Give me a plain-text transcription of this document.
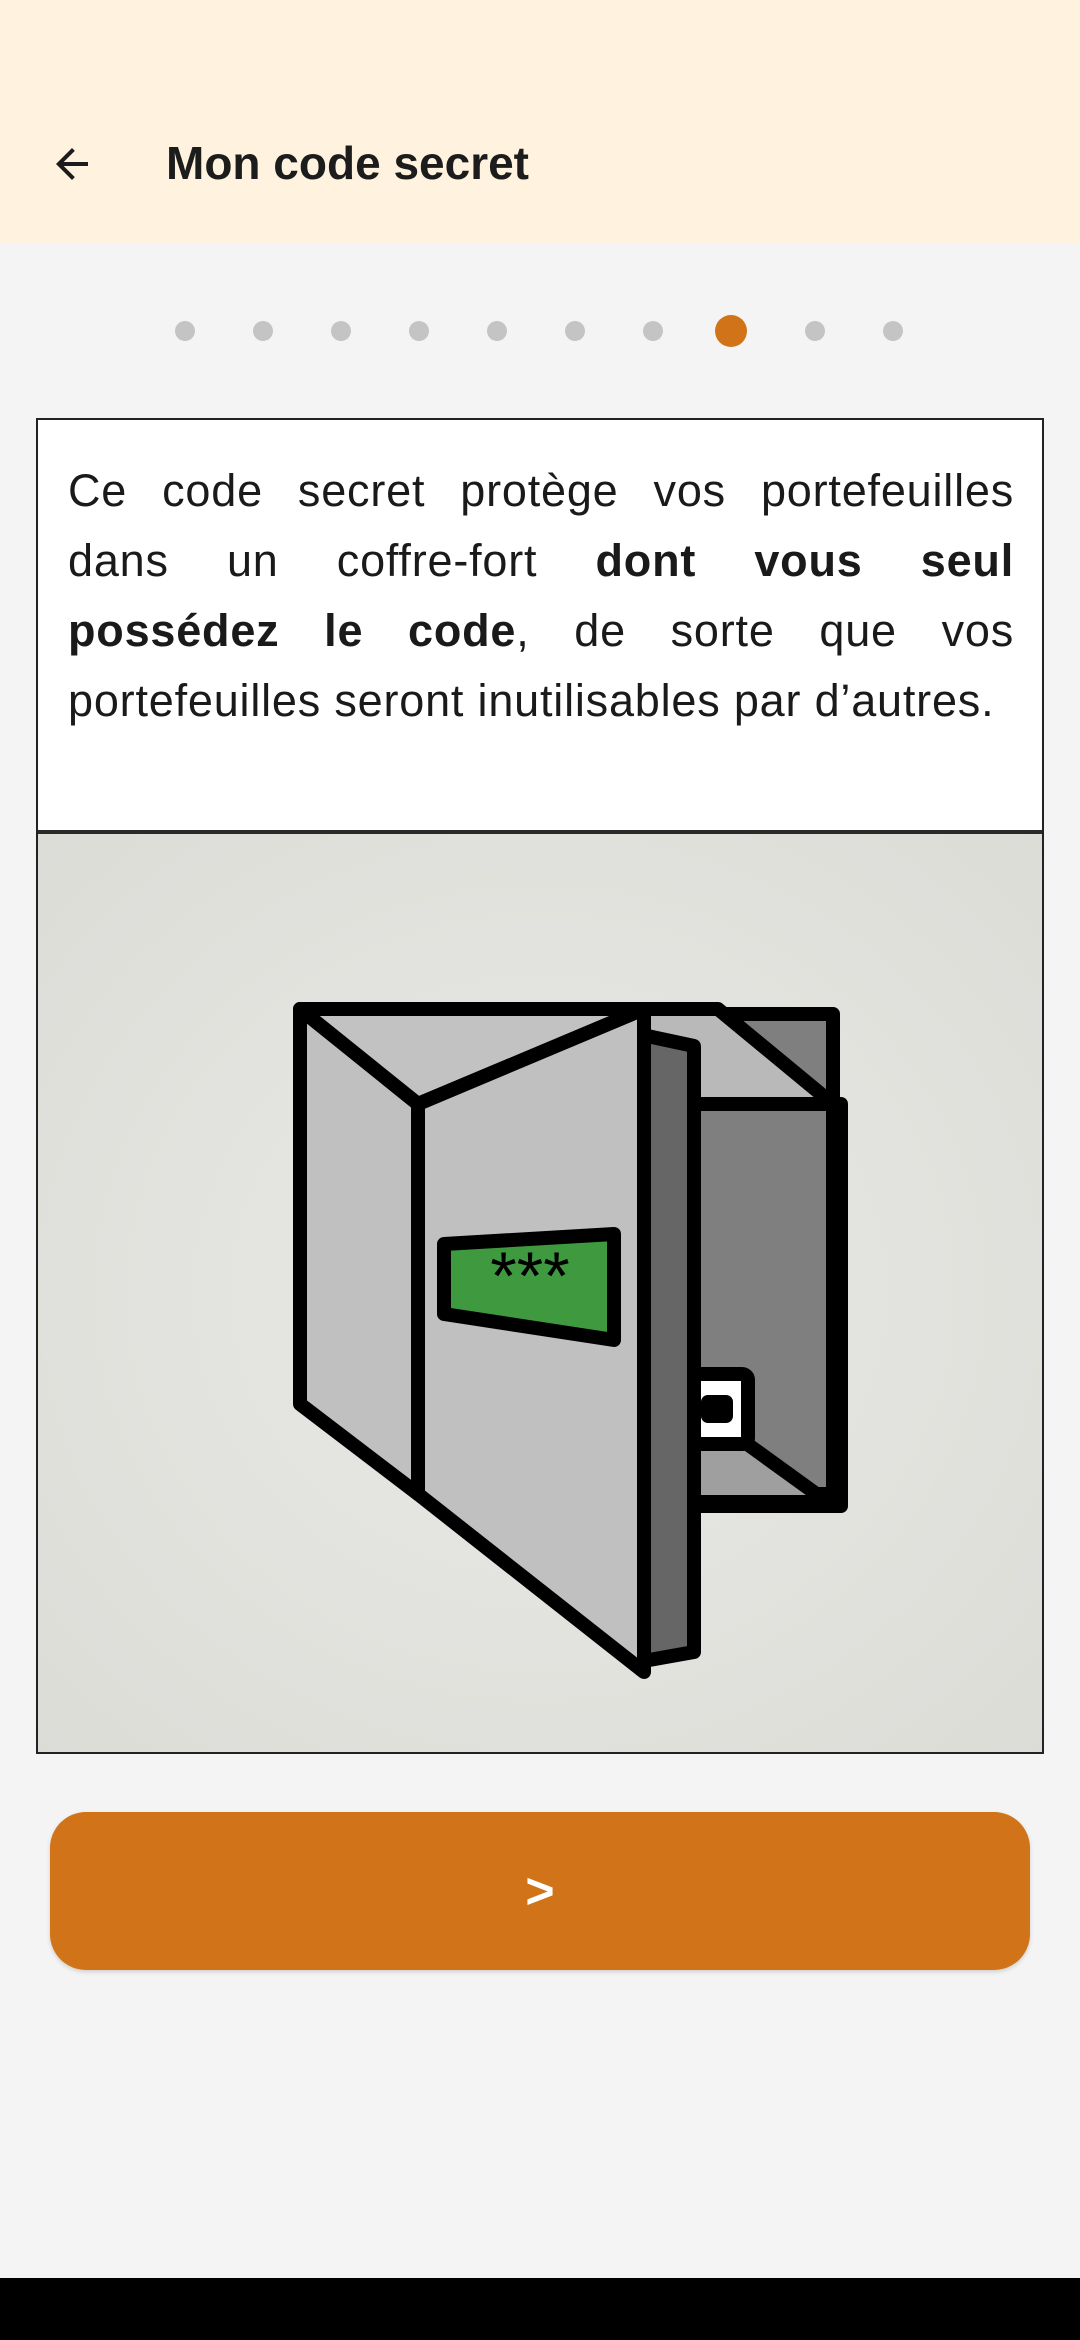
Mon code secret
Ce code secret protège vos portefeuilles dans un coffre-fort dont vous seul possédez le code, de sorte que vos portefeuilles seront inutilisables par d’autres.
***
>
